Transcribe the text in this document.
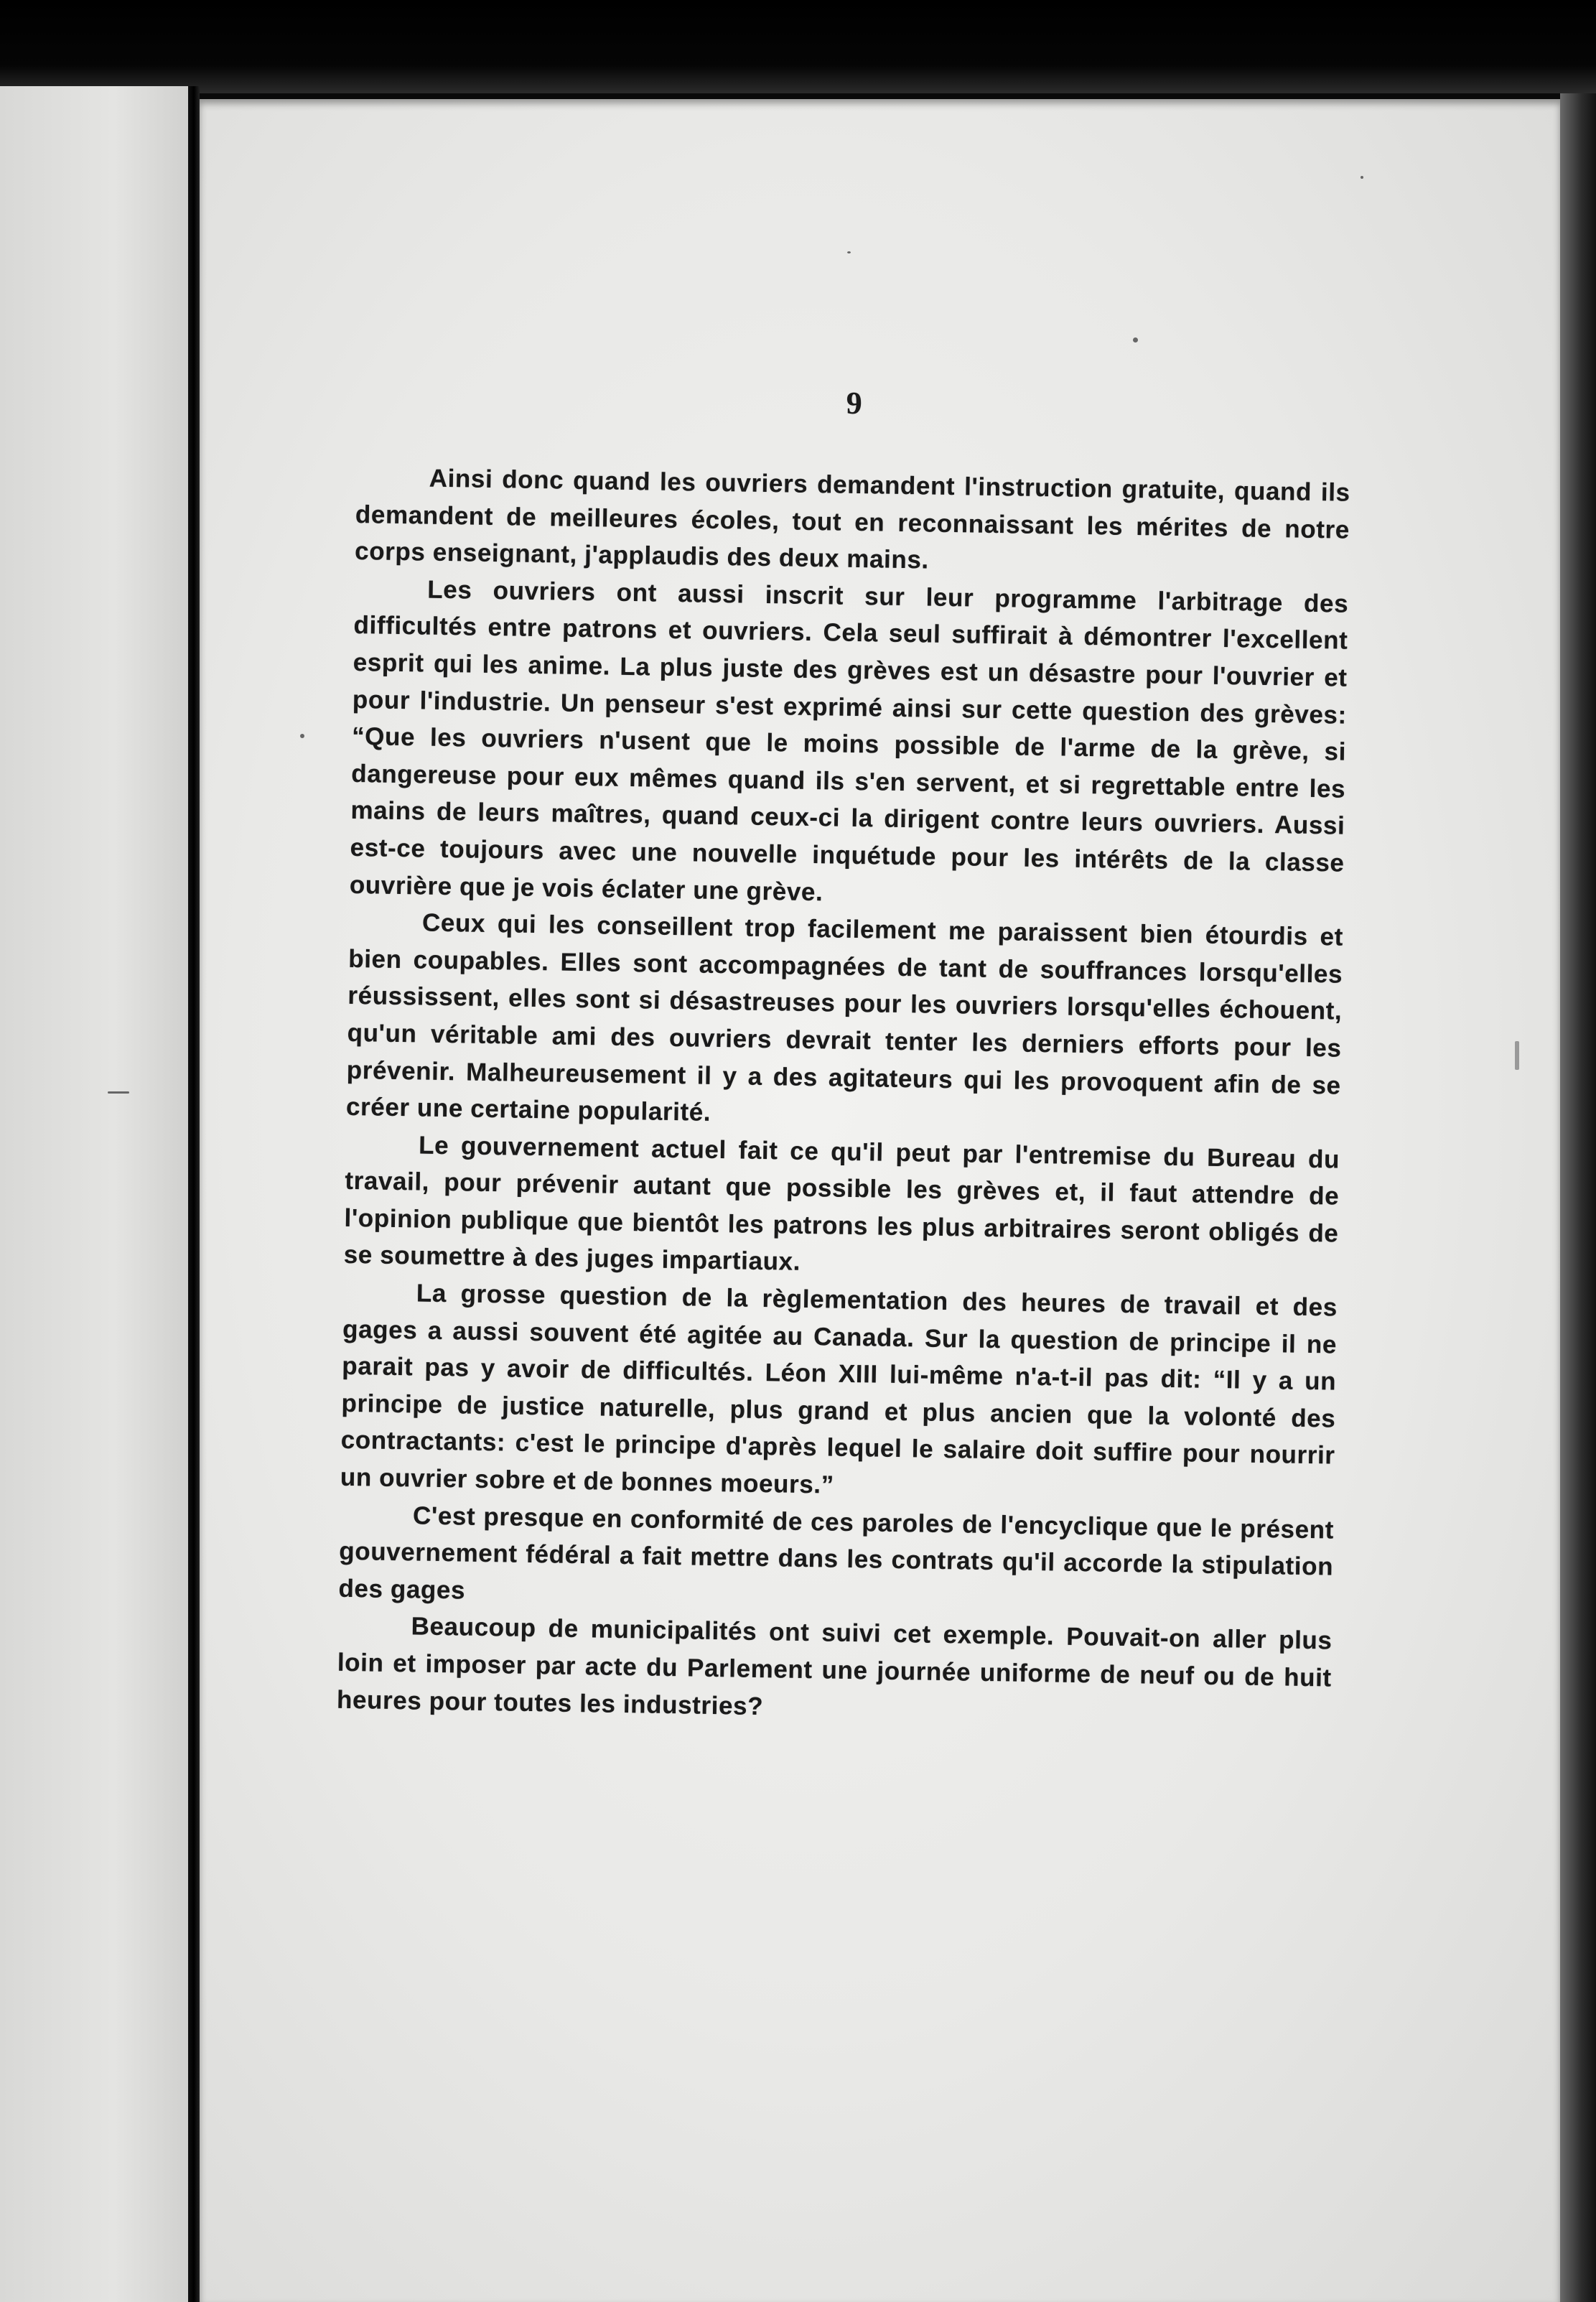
9

Ainsi donc quand les ouvriers demandent l'instruction gratuite, quand ils demandent de meilleures écoles, tout en reconnaissant les mérites de notre corps enseignant, j'applaudis des deux mains.

Les ouvriers ont aussi inscrit sur leur programme l'arbitrage des difficultés entre patrons et ouvriers. Cela seul suffirait à démontrer l'excellent esprit qui les anime. La plus juste des grèves est un désastre pour l'ouvrier et pour l'industrie. Un penseur s'est exprimé ainsi sur cette question des grèves: “Que les ouvriers n'usent que le moins possible de l'arme de la grève, si dangereuse pour eux mêmes quand ils s'en servent, et si regrettable entre les mains de leurs maîtres, quand ceux-ci la dirigent contre leurs ouvriers. Aussi est-ce toujours avec une nouvelle inquétude pour les intérêts de la classe ouvrière que je vois éclater une grève.

Ceux qui les conseillent trop facilement me paraissent bien étourdis et bien coupables. Elles sont accompagnées de tant de souffrances lorsqu'elles réussissent, elles sont si désastreuses pour les ouvriers lorsqu'elles échouent, qu'un véritable ami des ouvriers devrait tenter les derniers efforts pour les prévenir. Malheureusement il y a des agitateurs qui les provoquent afin de se créer une certaine popularité.

Le gouvernement actuel fait ce qu'il peut par l'entremise du Bureau du travail, pour prévenir autant que possible les grèves et, il faut attendre de l'opinion publique que bientôt les patrons les plus arbitraires seront obligés de se soumettre à des juges impartiaux.

La grosse question de la règlementation des heures de travail et des gages a aussi souvent été agitée au Canada. Sur la question de principe il ne parait pas y avoir de difficultés. Léon XIII lui-même n'a-t-il pas dit: “Il y a un principe de justice naturelle, plus grand et plus ancien que la volonté des contractants: c'est le principe d'après lequel le salaire doit suffire pour nourrir un ouvrier sobre et de bonnes moeurs.”

C'est presque en conformité de ces paroles de l'encyclique que le présent gouvernement fédéral a fait mettre dans les contrats qu'il accorde la stipulation des gages

Beaucoup de municipalités ont suivi cet exemple. Pouvait-on aller plus loin et imposer par acte du Parlement une journée uniforme de neuf ou de huit heures pour toutes les industries?
